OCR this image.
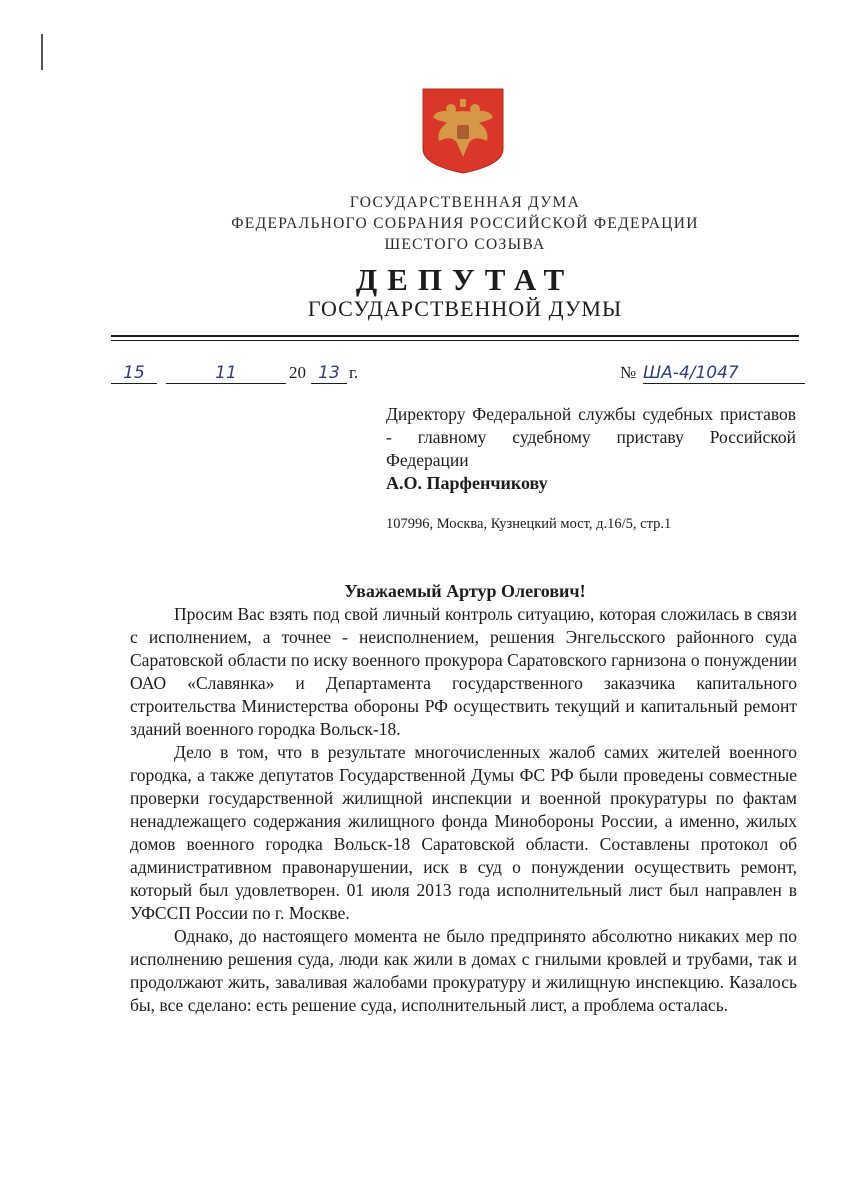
ГОСУДАРСТВЕННАЯ ДУМА
ФЕДЕРАЛЬНОГО СОБРАНИЯ РОССИЙСКОЙ ФЕДЕРАЦИИ
ШЕСТОГО СОЗЫВА
ДЕПУТАТ
ГОСУДАРСТВЕННОЙ ДУМЫ
15	11	20 13 г.	№ ША-4/1047
Директору Федеральной службы судебных приставов - главному судебному приставу Российской Федерации
А.О. Парфенчикову
107996, Москва, Кузнецкий мост, д.16/5, стр.1
Уважаемый Артур Олегович!

Просим Вас взять под свой личный контроль ситуацию, которая сложилась в связи с исполнением, а точнее - неисполнением, решения Энгельсского районного суда Саратовской области по иску военного прокурора Саратовского гарнизона о понуждении ОАО «Славянка» и Департамента государственного заказчика капитального строительства Министерства обороны РФ осуществить текущий и капитальный ремонт зданий военного городка Вольск-18.

Дело в том, что в результате многочисленных жалоб самих жителей военного городка, а также депутатов Государственной Думы ФС РФ были проведены совместные проверки государственной жилищной инспекции и военной прокуратуры по фактам ненадлежащего содержания жилищного фонда Минобороны России, а именно, жилых домов военного городка Вольск-18 Саратовской области. Составлены протокол об административном правонарушении, иск в суд о понуждении осуществить ремонт, который был удовлетворен. 01 июля 2013 года исполнительный лист был направлен в УФССП России по г. Москве.

Однако, до настоящего момента не было предпринято абсолютно никаких мер по исполнению решения суда, люди как жили в домах с гнилыми кровлей и трубами, так и продолжают жить, заваливая жалобами прокуратуру и жилищную инспекцию. Казалось бы, все сделано: есть решение суда, исполнительный лист, а проблема осталась.
